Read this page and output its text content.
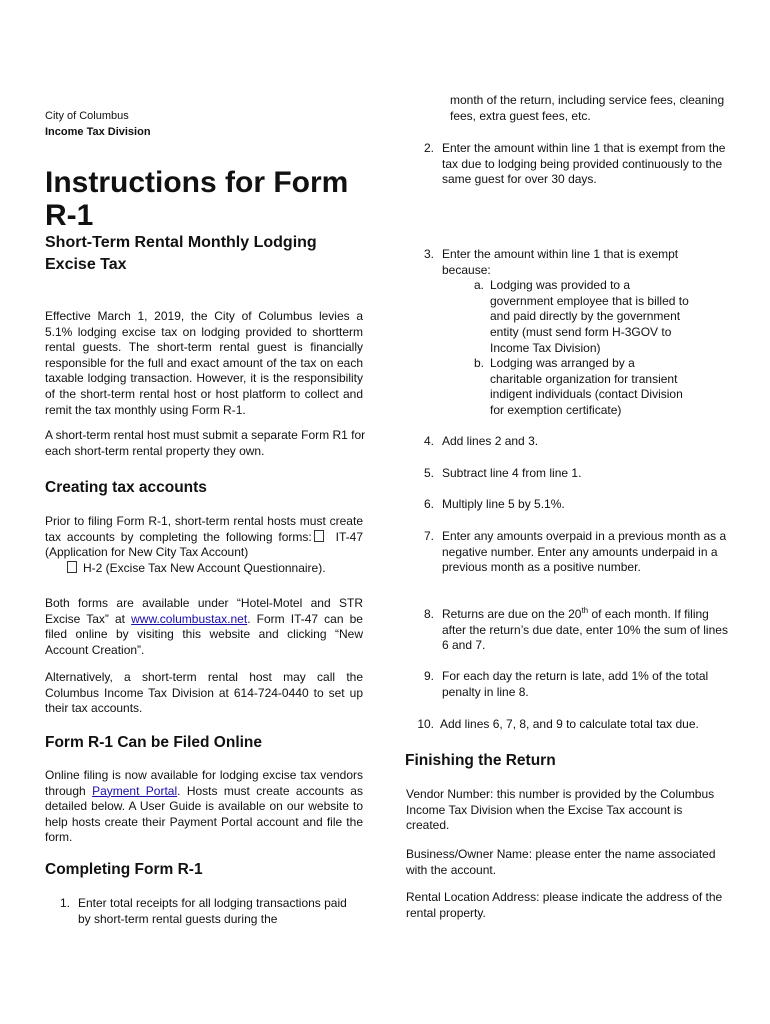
City of Columbus
Income Tax Division
Instructions for Form
R-1
Short-Term Rental Monthly Lodging
Excise Tax

Effective March 1, 2019, the City of Columbus levies a 5.1% lodging excise tax on lodging provided to shortterm rental guests. The short-term rental guest is financially responsible for the full and exact amount of the tax on each taxable lodging transaction. However, it is the responsibility of the short-term rental host or host platform to collect and remit the tax monthly using Form R-1.

A short-term rental host must submit a separate Form R1 for each short-term rental property they own.

Creating tax accounts
Prior to filing Form R-1, short-term rental hosts must create tax accounts by completing the following forms: IT-47 (Application for New City Tax Account)
H-2 (Excise Tax New Account Questionnaire).

Both forms are available under “Hotel-Motel and STR Excise Tax” at www.columbustax.net. Form IT-47 can be filed online by visiting this website and clicking “New Account Creation”.

Alternatively, a short-term rental host may call the Columbus Income Tax Division at 614-724-0440 to set up their tax accounts.

Form R-1 Can be Filed Online

Online filing is now available for lodging excise tax vendors through Payment Portal. Hosts must create accounts as detailed below. A User Guide is available on our website to help hosts create their Payment Portal account and file the form.

Completing Form R-1
1. Enter total receipts for all lodging transactions paid by short-term rental guests during the
month of the return, including service fees, cleaning fees, extra guest fees, etc.
2. Enter the amount within line 1 that is exempt from the tax due to lodging being provided continuously to the same guest for over 30 days.
3. Enter the amount within line 1 that is exempt because:
a. Lodging was provided to a government employee that is billed to and paid directly by the government entity (must send form H-3GOV to Income Tax Division)
b. Lodging was arranged by a charitable organization for transient indigent individuals (contact Division for exemption certificate)
4. Add lines 2 and 3.
5. Subtract line 4 from line 1.
6. Multiply line 5 by 5.1%.
7. Enter any amounts overpaid in a previous month as a negative number. Enter any amounts underpaid in a previous month as a positive number.
8. Returns are due on the 20th of each month. If filing after the return’s due date, enter 10% the sum of lines 6 and 7.
9. For each day the return is late, add 1% of the total penalty in line 8.
10. Add lines 6, 7, 8, and 9 to calculate total tax due.
Finishing the Return

Vendor Number: this number is provided by the Columbus Income Tax Division when the Excise Tax account is created.

Business/Owner Name: please enter the name associated with the account.

Rental Location Address: please indicate the address of the rental property.
